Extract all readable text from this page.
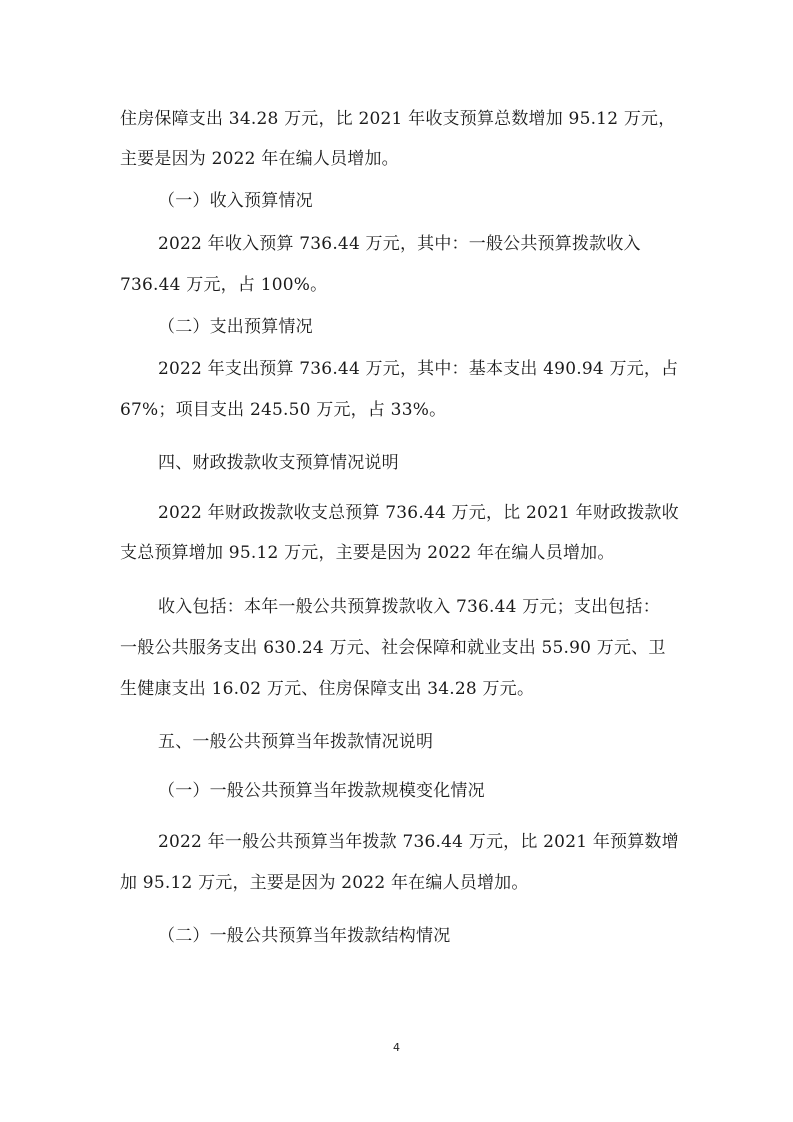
住房保障支出 34.28 万元，比 2021 年收支预算总数增加 95.12 万元，
主要是因为 2022 年在编人员增加。
（一）收入预算情况
2022 年收入预算 736.44 万元，其中：一般公共预算拨款收入
736.44 万元，占 100%。
（二）支出预算情况
2022 年支出预算 736.44 万元，其中：基本支出 490.94 万元，占
67%；项目支出 245.50 万元，占 33%。
四、财政拨款收支预算情况说明
2022 年财政拨款收支总预算 736.44 万元，比 2021 年财政拨款收
支总预算增加 95.12 万元，主要是因为 2022 年在编人员增加。
收入包括：本年一般公共预算拨款收入 736.44 万元；支出包括：
一般公共服务支出 630.24 万元、社会保障和就业支出 55.90 万元、卫
生健康支出 16.02 万元、住房保障支出 34.28 万元。
五、一般公共预算当年拨款情况说明
（一）一般公共预算当年拨款规模变化情况
2022 年一般公共预算当年拨款 736.44 万元，比 2021 年预算数增
加 95.12 万元，主要是因为 2022 年在编人员增加。
（二）一般公共预算当年拨款结构情况
4
